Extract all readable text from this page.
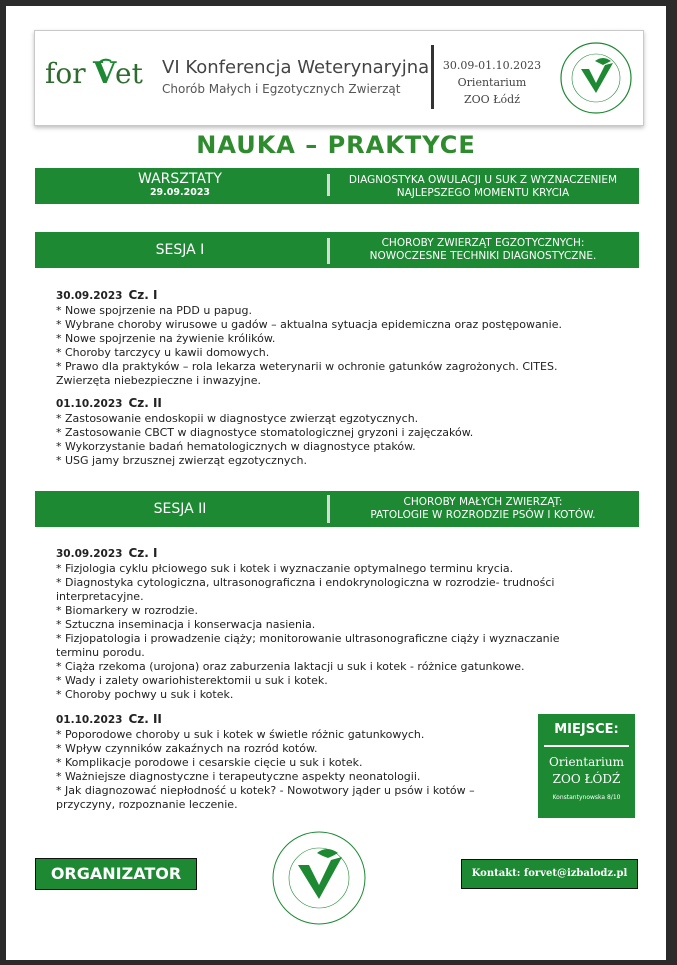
for V
et VI Konferencja Weterynaryjna
Chorób Małych i Egzotycznych Zwierząt
30.09-01.10.2023
Orientarium
ZOO Łódź
NAUKA – PRAKTYCE
WARSZTATY
29.09.2023
DIAGNOSTYKA OWULACJI U SUK Z WYZNACZENIEM
NAJLEPSZEGO MOMENTU KRYCIA
SESJA I	CHOROBY ZWIERZĄT EGZOTYCZNYCH:
NOWOCZESNE TECHNIKI DIAGNOSTYCZNE.
30.09.2023 Cz. I
* Nowe spojrzenie na PDD u papug.
* Wybrane choroby wirusowe u gadów – aktualna sytuacja epidemiczna oraz postępowanie.
* Nowe spojrzenie na żywienie królików.
* Choroby tarczycy u kawii domowych.
* Prawo dla praktyków – rola lekarza weterynarii w ochronie gatunków zagrożonych. CITES.
Zwierzęta niebezpieczne i inwazyjne.
01.10.2023 Cz. II
* Zastosowanie endoskopii w diagnostyce zwierząt egzotycznych.
* Zastosowanie CBCT w diagnostyce stomatologicznej gryzoni i zajęczaków.
* Wykorzystanie badań hematologicznych w diagnostyce ptaków.
* USG jamy brzusznej zwierząt egzotycznych.
SESJA II	CHOROBY MAŁYCH ZWIERZĄT:
PATOLOGIE W ROZRODZIE PSÓW I KOTÓW.
30.09.2023 Cz. I
* Fizjologia cyklu płciowego suk i kotek i wyznaczanie optymalnego terminu krycia.
* Diagnostyka cytologiczna, ultrasonograficzna i endokrynologiczna w rozrodzie- trudności
interpretacyjne.
* Biomarkery w rozrodzie.
* Sztuczna inseminacja i konserwacja nasienia.
* Fizjopatologia i prowadzenie ciąży; monitorowanie ultrasonograficzne ciąży i wyznaczanie
terminu porodu.
* Ciąża rzekoma (urojona) oraz zaburzenia laktacji u suk i kotek - różnice gatunkowe.
* Wady i zalety owariohisterektomii u suk i kotek.
* Choroby pochwy u suk i kotek.
01.10.2023 Cz. II
* Poporodowe choroby u suk i kotek w świetle różnic gatunkowych.
* Wpływ czynników zakaźnych na rozród kotów.
* Komplikacje porodowe i cesarskie cięcie u suk i kotek.
* Ważniejsze diagnostyczne i terapeutyczne aspekty neonatologii.
* Jak diagnozować niepłodność u kotek? - Nowotwory jąder u psów i kotów –
przyczyny, rozpoznanie leczenie.
MIEJSCE:
Orientarium
ZOO ŁÓDŹ
Konstantynowska 8/10
ORGANIZATOR	Kontakt: forvet@izbalodz.pl
